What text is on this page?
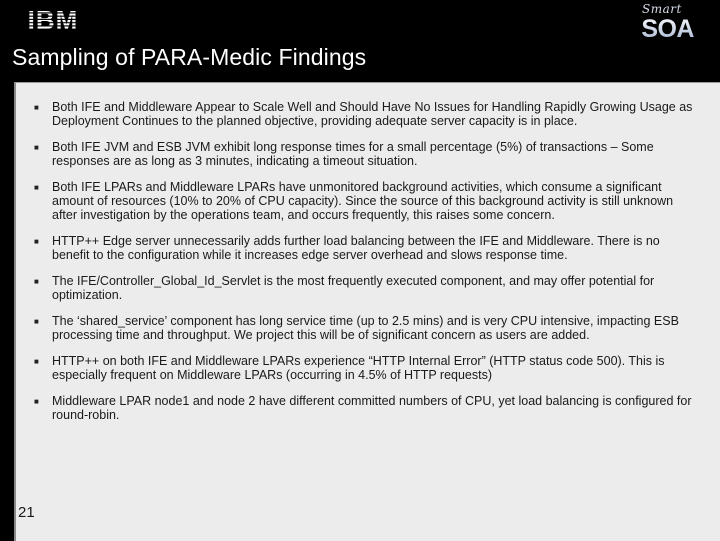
IBM	Smart
SOA
Sampling of PARA-Medic Findings
■ Both IFE and Middleware Appear to Scale Well and Should Have No Issues for Handling Rapidly Growing Usage as Deployment Continues to the planned objective, providing adequate server capacity is in place.
■ Both IFE JVM and ESB JVM exhibit long response times for a small percentage (5%) of transactions – Some responses are as long as 3 minutes, indicating a timeout situation.
■ Both IFE LPARs and Middleware LPARs have unmonitored background activities, which consume a significant amount of resources (10% to 20% of CPU capacity). Since the source of this background activity is still unknown after investigation by the operations team, and occurs frequently, this raises some concern.
■ HTTP++ Edge server unnecessarily adds further load balancing between the IFE and Middleware. There is no benefit to the configuration while it increases edge server overhead and slows response time.
■ The IFE/Controller_Global_Id_Servlet is the most frequently executed component, and may offer potential for optimization.
■ The ‘shared_service’ component has long service time (up to 2.5 mins) and is very CPU intensive, impacting ESB processing time and throughput. We project this will be of significant concern as users are added.
■ HTTP++ on both IFE and Middleware LPARs experience “HTTP Internal Error” (HTTP status code 500). This is especially frequent on Middleware LPARs (occurring in 4.5% of HTTP requests)
■ Middleware LPAR node1 and node 2 have different committed numbers of CPU, yet load balancing is configured for round-robin.
21
